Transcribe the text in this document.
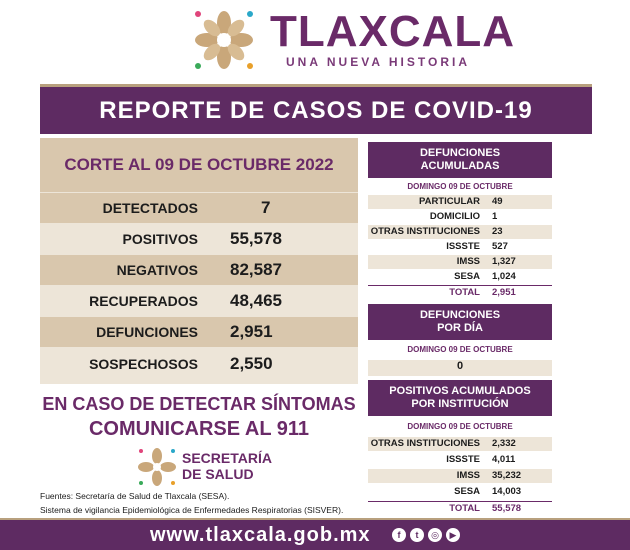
TLAXCALA
UNA NUEVA HISTORIA
REPORTE DE CASOS DE COVID-19
CORTE AL 09 DE OCTUBRE 2022
DETECTADOS	7
POSITIVOS 55,578
NEGATIVOS 82,587
RECUPERADOS 48,465
DEFUNCIONES 2,951
SOSPECHOSOS 2,550
EN CASO DE DETECTAR SÍNTOMAS
COMUNICARSE AL 911
SECRETARÍA
DE SALUD
Fuentes: Secretaría de Salud de Tlaxcala (SESA).
Sistema de vigilancia Epidemiológica de Enfermedades Respiratorias (SISVER).
DEFUNCIONES
ACUMULADAS
DOMINGO 09 DE OCTUBRE
PARTICULAR 49
DOMICILIO 1
OTRAS INSTITUCIONES 23
ISSSTE 527
IMSS 1,327
SESA 1,024
TOTAL 2,951
DEFUNCIONES
POR DÍA
DOMINGO 09 DE OCTUBRE
0
POSITIVOS ACUMULADOS
POR INSTITUCIÓN
DOMINGO 09 DE OCTUBRE
OTRAS INSTITUCIONES 2,332
ISSSTE 4,011
IMSS 35,232
SESA 14,003
TOTAL 55,578
www.tlaxcala.gob.mx	f	t	◎	▶
